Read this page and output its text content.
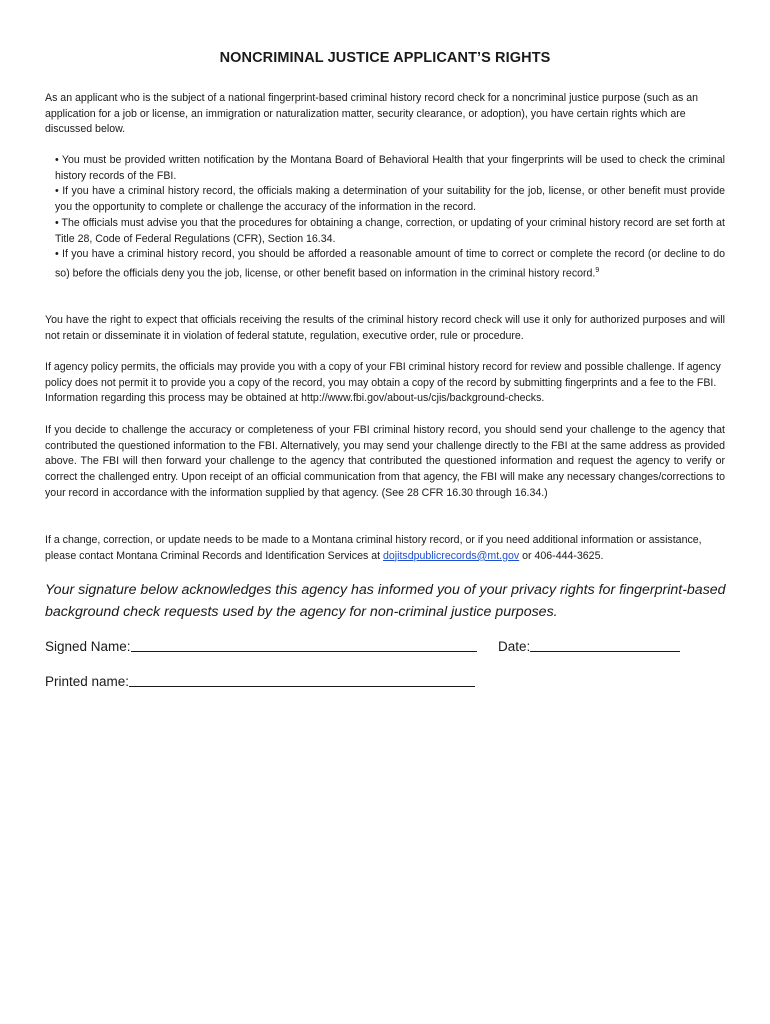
NONCRIMINAL JUSTICE APPLICANT’S RIGHTS

As an applicant who is the subject of a national fingerprint-based criminal history record check for a noncriminal justice purpose (such as an application for a job or license, an immigration or naturalization matter, security clearance, or adoption), you have certain rights which are discussed below.

• You must be provided written notification by the Montana Board of Behavioral Health that your fingerprints will be used to check the criminal history records of the FBI.
• If you have a criminal history record, the officials making a determination of your suitability for the job, license, or other benefit must provide you the opportunity to complete or challenge the accuracy of the information in the record.
• The officials must advise you that the procedures for obtaining a change, correction, or updating of your criminal history record are set forth at Title 28, Code of Federal Regulations (CFR), Section 16.34.
• If you have a criminal history record, you should be afforded a reasonable amount of time to correct or complete the record (or decline to do so) before the officials deny you the job, license, or other benefit based on information in the criminal history record.$^9$

You have the right to expect that officials receiving the results of the criminal history record check will use it only for authorized purposes and will not retain or disseminate it in violation of federal statute, regulation, executive order, rule or procedure.

If agency policy permits, the officials may provide you with a copy of your FBI criminal history record for review and possible challenge. If agency policy does not permit it to provide you a copy of the record, you may obtain a copy of the record by submitting fingerprints and a fee to the FBI. Information regarding this process may be obtained at http://www.fbi.gov/about-us/cjis/background-checks.

If you decide to challenge the accuracy or completeness of your FBI criminal history record, you should send your challenge to the agency that contributed the questioned information to the FBI. Alternatively, you may send your challenge directly to the FBI at the same address as provided above. The FBI will then forward your challenge to the agency that contributed the questioned information and request the agency to verify or correct the challenged entry. Upon receipt of an official communication from that agency, the FBI will make any necessary changes/corrections to your record in accordance with the information supplied by that agency. (See 28 CFR 16.30 through 16.34.)

If a change, correction, or update needs to be made to a Montana criminal history record, or if you need additional information or assistance, please contact Montana Criminal Records and Identification Services at dojitsdpublicrecords@mt.gov or 406-444-3625.

Your signature below acknowledges this agency has informed you of your privacy rights for fingerprint-based background check requests used by the agency for non-criminal justice purposes.

Signed Name:	Date:
Printed name:
